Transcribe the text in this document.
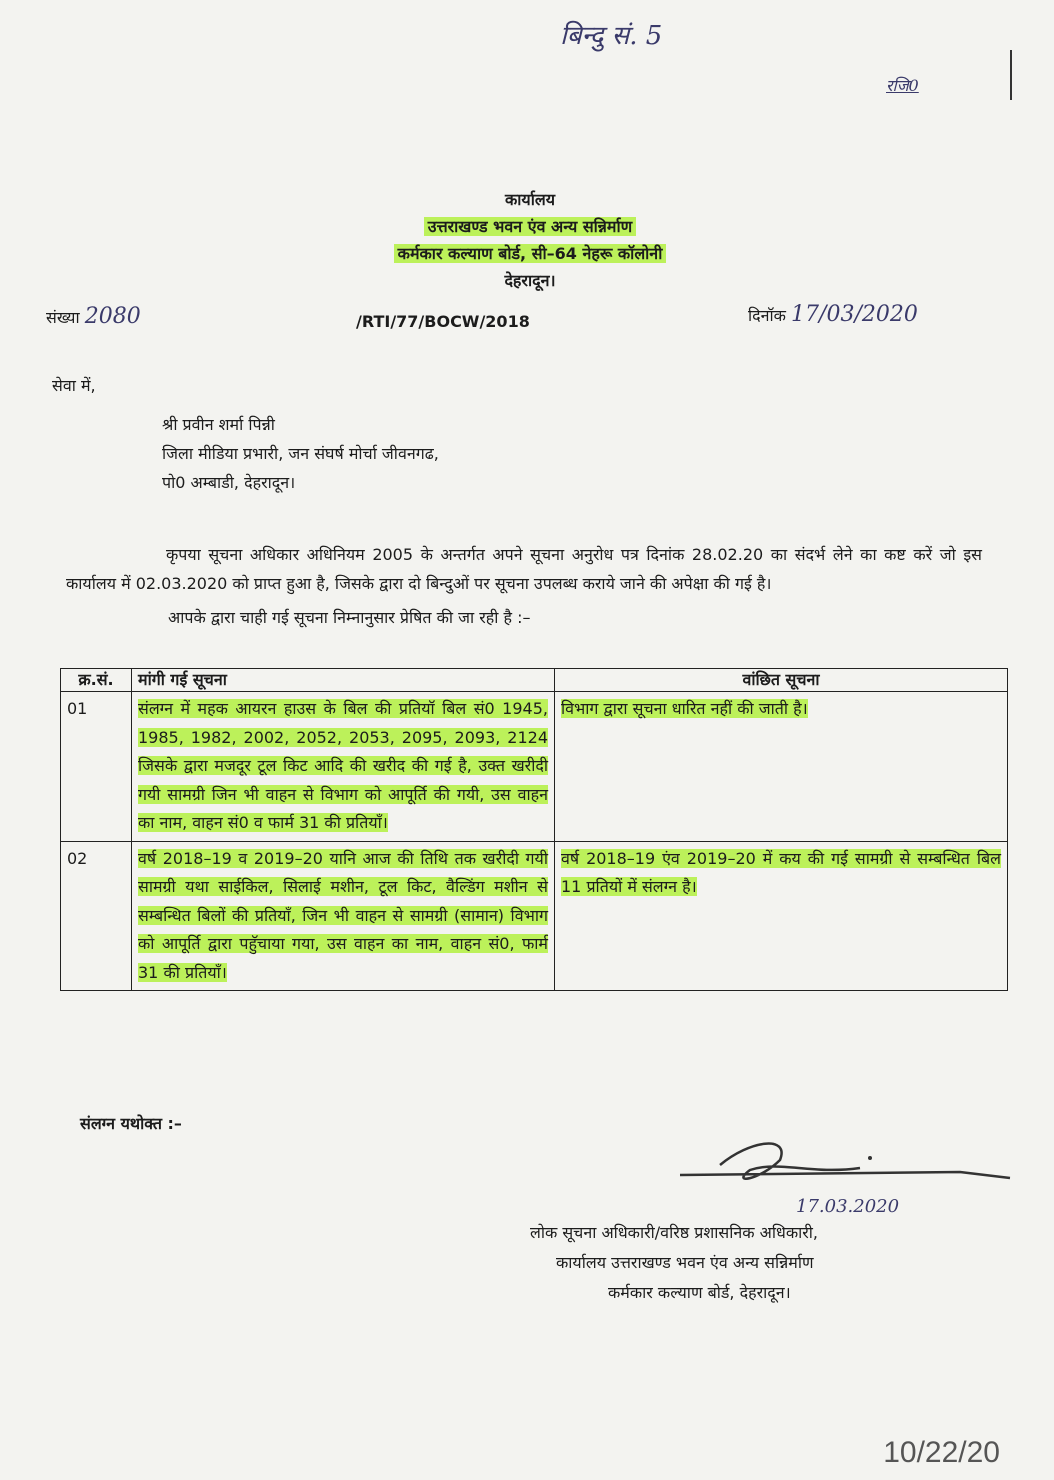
बिन्दु सं. 5
रजि0
कार्यालय
उत्तराखण्ड भवन एंव अन्य सन्निर्माण
कर्मकार कल्याण बोर्ड, सी–64 नेहरू कॉलोनी
देहरादून।
संख्या 2080	/RTI/77/BOCW/2018	दिनॉक 17/03/2020
सेवा में,
श्री प्रवीन शर्मा पिन्नी
जिला मीडिया प्रभारी, जन संघर्ष मोर्चा जीवनगढ,
पो0 अम्बाडी, देहरादून।
कृपया सूचना अधिकार अधिनियम 2005 के अन्तर्गत अपने सूचना अनुरोध पत्र दिनांक 28.02.20 का संदर्भ लेने का कष्ट करें जो इस कार्यालय में 02.03.2020 को प्राप्त हुआ है, जिसके द्वारा दो बिन्दुओं पर सूचना उपलब्ध कराये जाने की अपेक्षा की गई है।
आपके द्वारा चाही गई सूचना निम्नानुसार प्रेषित की जा रही है :–
क्र.सं.	मांगी गई सूचना	वांछित सूचना
01	संलग्न में महक आयरन हाउस के बिल की प्रतियॉ बिल सं0 1945, 1985, 1982, 2002, 2052, 2053, 2095, 2093, 2124 जिसके द्वारा मजदूर टूल किट आदि की खरीद की गई है, उक्त खरीदी गयी सामग्री जिन भी वाहन से विभाग को आपूर्ति की गयी, उस वाहन का नाम, वाहन सं0 व फार्म 31 की प्रतियॉं।	विभाग द्वारा सूचना धारित नहीं की जाती है।
02	वर्ष 2018–19 व 2019–20 यानि आज की तिथि तक खरीदी गयी सामग्री यथा साईकिल, सिलाई मशीन, टूल किट, वैल्डिंग मशीन से सम्बन्धित बिलों की प्रतियॉं, जिन भी वाहन से सामग्री (सामान) विभाग को आपूर्ति द्वारा पहुॅचाया गया, उस वाहन का नाम, वाहन सं0, फार्म 31 की प्रतियॉं।	वर्ष 2018–19 एंव 2019–20 में कय की गई सामग्री से सम्बन्धित बिल 11 प्रतियों में संलग्न है।
संलग्न यथोक्त :–
17.03.2020
लोक सूचना अधिकारी/वरिष्ठ प्रशासनिक अधिकारी,
कार्यालय उत्तराखण्ड भवन एंव अन्य सन्निर्माण
कर्मकार कल्याण बोर्ड, देहरादून।
10/22/20
